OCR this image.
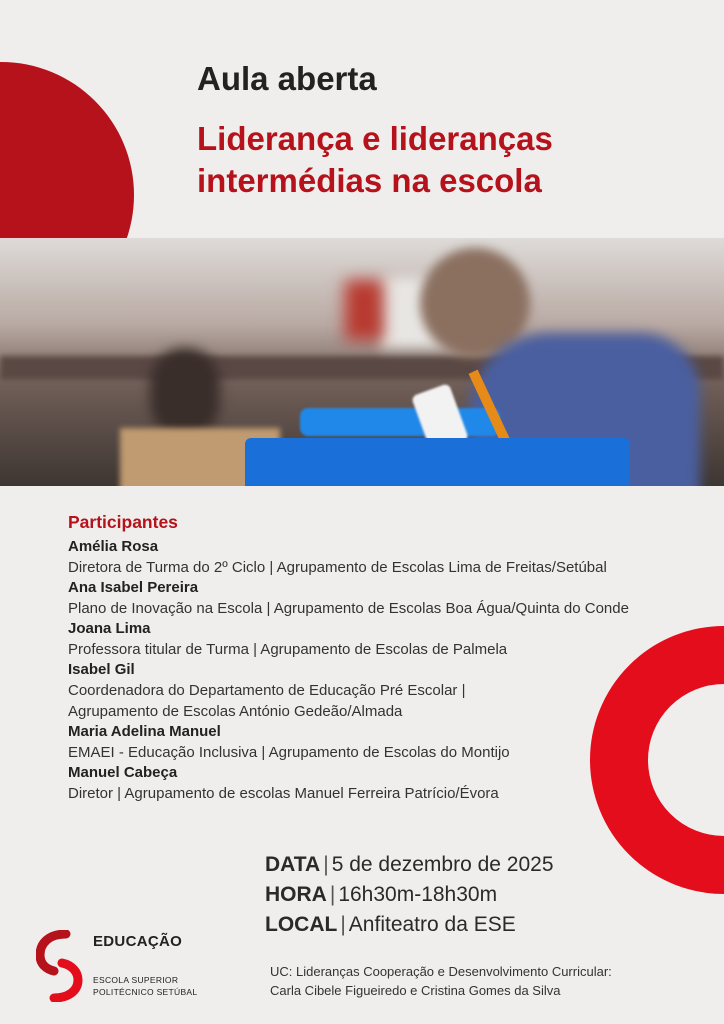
Aula aberta
Liderança e lideranças
intermédias na escola
Participantes
Amélia Rosa
Diretora de Turma do 2º Ciclo | Agrupamento de Escolas Lima de Freitas/Setúbal
Ana Isabel Pereira
Plano de Inovação na Escola | Agrupamento de Escolas Boa Água/Quinta do Conde
Joana Lima
Professora titular de Turma | Agrupamento de Escolas de Palmela
Isabel Gil
Coordenadora do Departamento de Educação Pré Escolar |
Agrupamento de Escolas António Gedeão/Almada
Maria Adelina Manuel
EMAEI - Educação Inclusiva | Agrupamento de Escolas do Montijo
Manuel Cabeça
Diretor | Agrupamento de escolas Manuel Ferreira Patrício/Évora
DATA | 5 de dezembro de 2025
HORA | 16h30m-18h30m
LOCAL | Anfiteatro da ESE

UC: Lideranças Cooperação e Desenvolvimento Curricular:

Carla Cibele Figueiredo e Cristina Gomes da Silva

EDUCAÇÃO
ESCOLA SUPERIOR
POLITÉCNICO SETÚBAL
